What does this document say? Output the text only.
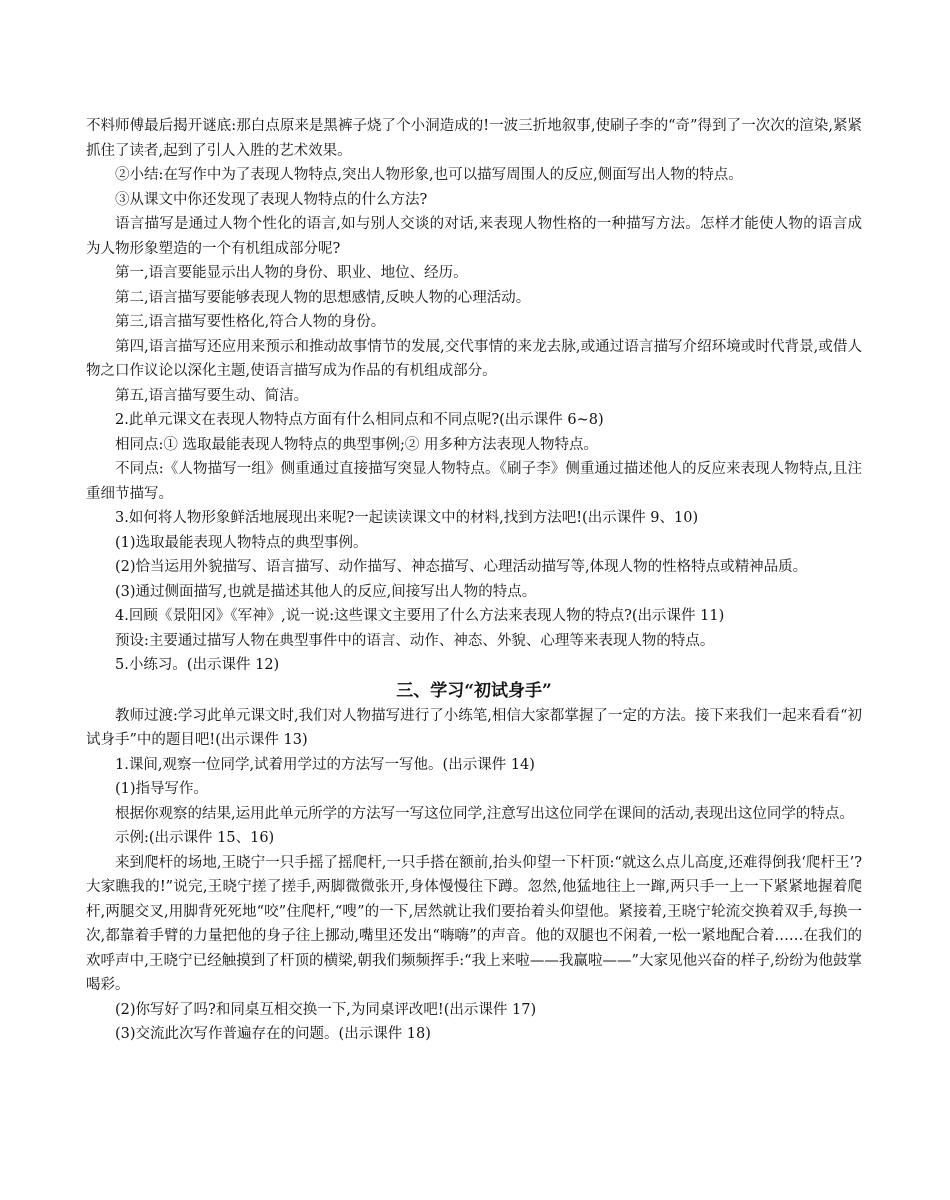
不料师傅最后揭开谜底:那白点原来是黑裤子烧了个小洞造成的!一波三折地叙事,使刷子李的“奇”得到了一次次的渲染,紧紧抓住了读者,起到了引人入胜的艺术效果。

②小结:在写作中为了表现人物特点,突出人物形象,也可以描写周围人的反应,侧面写出人物的特点。

③从课文中你还发现了表现人物特点的什么方法?

语言描写是通过人物个性化的语言,如与别人交谈的对话,来表现人物性格的一种描写方法。怎样才能使人物的语言成为人物形象塑造的一个有机组成部分呢?

第一,语言要能显示出人物的身份、职业、地位、经历。

第二,语言描写要能够表现人物的思想感情,反映人物的心理活动。

第三,语言描写要性格化,符合人物的身份。

第四,语言描写还应用来预示和推动故事情节的发展,交代事情的来龙去脉,或通过语言描写介绍环境或时代背景,或借人物之口作议论以深化主题,使语言描写成为作品的有机组成部分。

第五,语言描写要生动、简洁。

2.此单元课文在表现人物特点方面有什么相同点和不同点呢?(出示课件 6~8)

相同点:① 选取最能表现人物特点的典型事例;② 用多种方法表现人物特点。

不同点:《人物描写一组》侧重通过直接描写突显人物特点。《刷子李》侧重通过描述他人的反应来表现人物特点,且注重细节描写。

3.如何将人物形象鲜活地展现出来呢?一起读读课文中的材料,找到方法吧!(出示课件 9、10)

(1)选取最能表现人物特点的典型事例。

(2)恰当运用外貌描写、语言描写、动作描写、神态描写、心理活动描写等,体现人物的性格特点或精神品质。

(3)通过侧面描写,也就是描述其他人的反应,间接写出人物的特点。

4.回顾《景阳冈》《军神》,说一说:这些课文主要用了什么方法来表现人物的特点?(出示课件 11)

预设:主要通过描写人物在典型事件中的语言、动作、神态、外貌、心理等来表现人物的特点。

5.小练习。(出示课件 12)

三、学习“初试身手”

教师过渡:学习此单元课文时,我们对人物描写进行了小练笔,相信大家都掌握了一定的方法。接下来我们一起来看看“初试身手”中的题目吧!(出示课件 13)

1.课间,观察一位同学,试着用学过的方法写一写他。(出示课件 14)

(1)指导写作。

根据你观察的结果,运用此单元所学的方法写一写这位同学,注意写出这位同学在课间的活动,表现出这位同学的特点。

示例:(出示课件 15、16)

来到爬杆的场地,王晓宁一只手摇了摇爬杆,一只手搭在额前,抬头仰望一下杆顶:“就这么点儿高度,还难得倒我‘爬杆王’?大家瞧我的!”说完,王晓宁搓了搓手,两脚微微张开,身体慢慢往下蹲。忽然,他猛地往上一蹿,两只手一上一下紧紧地握着爬杆,两腿交叉,用脚背死死地“咬”住爬杆,“嗖”的一下,居然就让我们要抬着头仰望他。紧接着,王晓宁轮流交换着双手,每换一次,都靠着手臂的力量把他的身子往上挪动,嘴里还发出“嗨嗨”的声音。他的双腿也不闲着,一松一紧地配合着……在我们的欢呼声中,王晓宁已经触摸到了杆顶的横梁,朝我们频频挥手:“我上来啦——我赢啦——”大家见他兴奋的样子,纷纷为他鼓掌喝彩。

(2)你写好了吗?和同桌互相交换一下,为同桌评改吧!(出示课件 17)

(3)交流此次写作普遍存在的问题。(出示课件 18)
